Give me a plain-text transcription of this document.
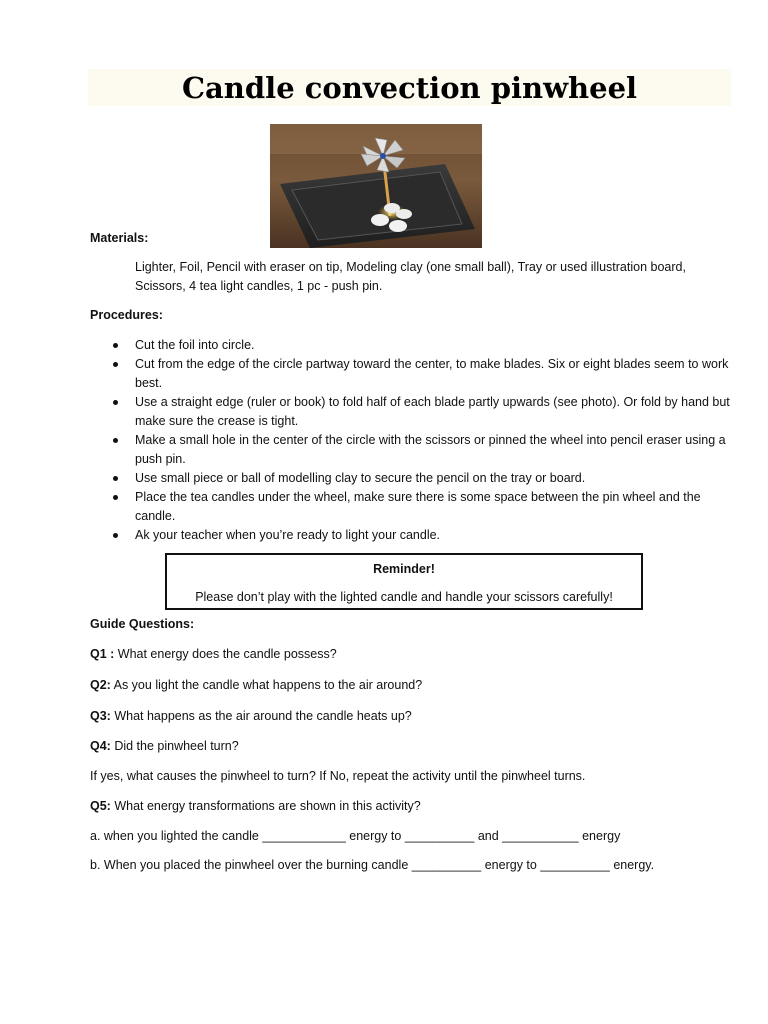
Candle convection pinwheel
Materials:
Lighter, Foil, Pencil with eraser on tip, Modeling clay (one small ball), Tray or used illustration board, Scissors, 4 tea light candles, 1 pc - push pin.
Procedures:
Cut the foil into circle.
Cut from the edge of the circle partway toward the center, to make blades. Six or eight blades seem to work best.
Use a straight edge (ruler or book) to fold half of each blade partly upwards (see photo). Or fold by hand but make sure the crease is tight.
Make a small hole in the center of the circle with the scissors or pinned the wheel into pencil eraser using a push pin.
Use small piece or ball of modelling clay to secure the pencil on the tray or board.
Place the tea candles under the wheel, make sure there is some space between the pin wheel and the candle.
Ak your teacher when you’re ready to light your candle.
Reminder!
Please don’t play with the lighted candle and handle your scissors carefully!
Guide Questions:
Q1 : What energy does the candle possess?
Q2: As you light the candle what happens to the air around?
Q3: What happens as the air around the candle heats up?
Q4: Did the pinwheel turn?
If yes, what causes the pinwheel to turn? If No, repeat the activity until the pinwheel turns.
Q5: What energy transformations are shown in this activity?
a. when you lighted the candle ____________ energy to __________ and ___________ energy
b. When you placed the pinwheel over the burning candle __________ energy to __________ energy.
